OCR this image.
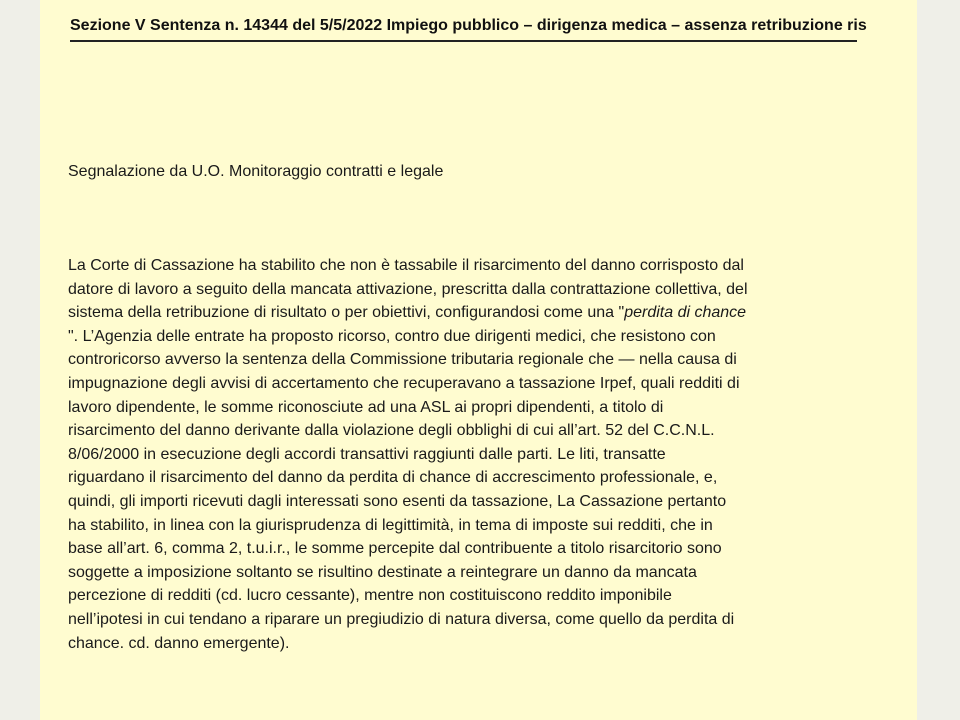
Sezione V Sentenza n. 14344 del 5/5/2022 Impiego pubblico – dirigenza medica – assenza retribuzione ris
Segnalazione da U.O. Monitoraggio contratti e legale
La Corte di Cassazione ha stabilito che non è tassabile il risarcimento del danno corrisposto dal
datore di lavoro a seguito della mancata attivazione, prescritta dalla contrattazione collettiva, del
sistema della retribuzione di risultato o per obiettivi, configurandosi come una "perdita di chance
". L’Agenzia delle entrate ha proposto ricorso, contro due dirigenti medici, che resistono con
controricorso avverso la sentenza della Commissione tributaria regionale che — nella causa di
impugnazione degli avvisi di accertamento che recuperavano a tassazione Irpef, quali redditi di
lavoro dipendente, le somme riconosciute ad una ASL ai propri dipendenti, a titolo di
risarcimento del danno derivante dalla violazione degli obblighi di cui all’art. 52 del C.C.N.L.
8/06/2000 in esecuzione degli accordi transattivi raggiunti dalle parti. Le liti, transatte
riguardano il risarcimento del danno da perdita di chance di accrescimento professionale, e,
quindi, gli importi ricevuti dagli interessati sono esenti da tassazione, La Cassazione pertanto
ha stabilito, in linea con la giurisprudenza di legittimità, in tema di imposte sui redditi, che in
base all’art. 6, comma 2, t.u.i.r., le somme percepite dal contribuente a titolo risarcitorio sono
soggette a imposizione soltanto se risultino destinate a reintegrare un danno da mancata
percezione di redditi (cd. lucro cessante), mentre non costituiscono reddito imponibile
nell’ipotesi in cui tendano a riparare un pregiudizio di natura diversa, come quello da perdita di
chance. cd. danno emergente).
